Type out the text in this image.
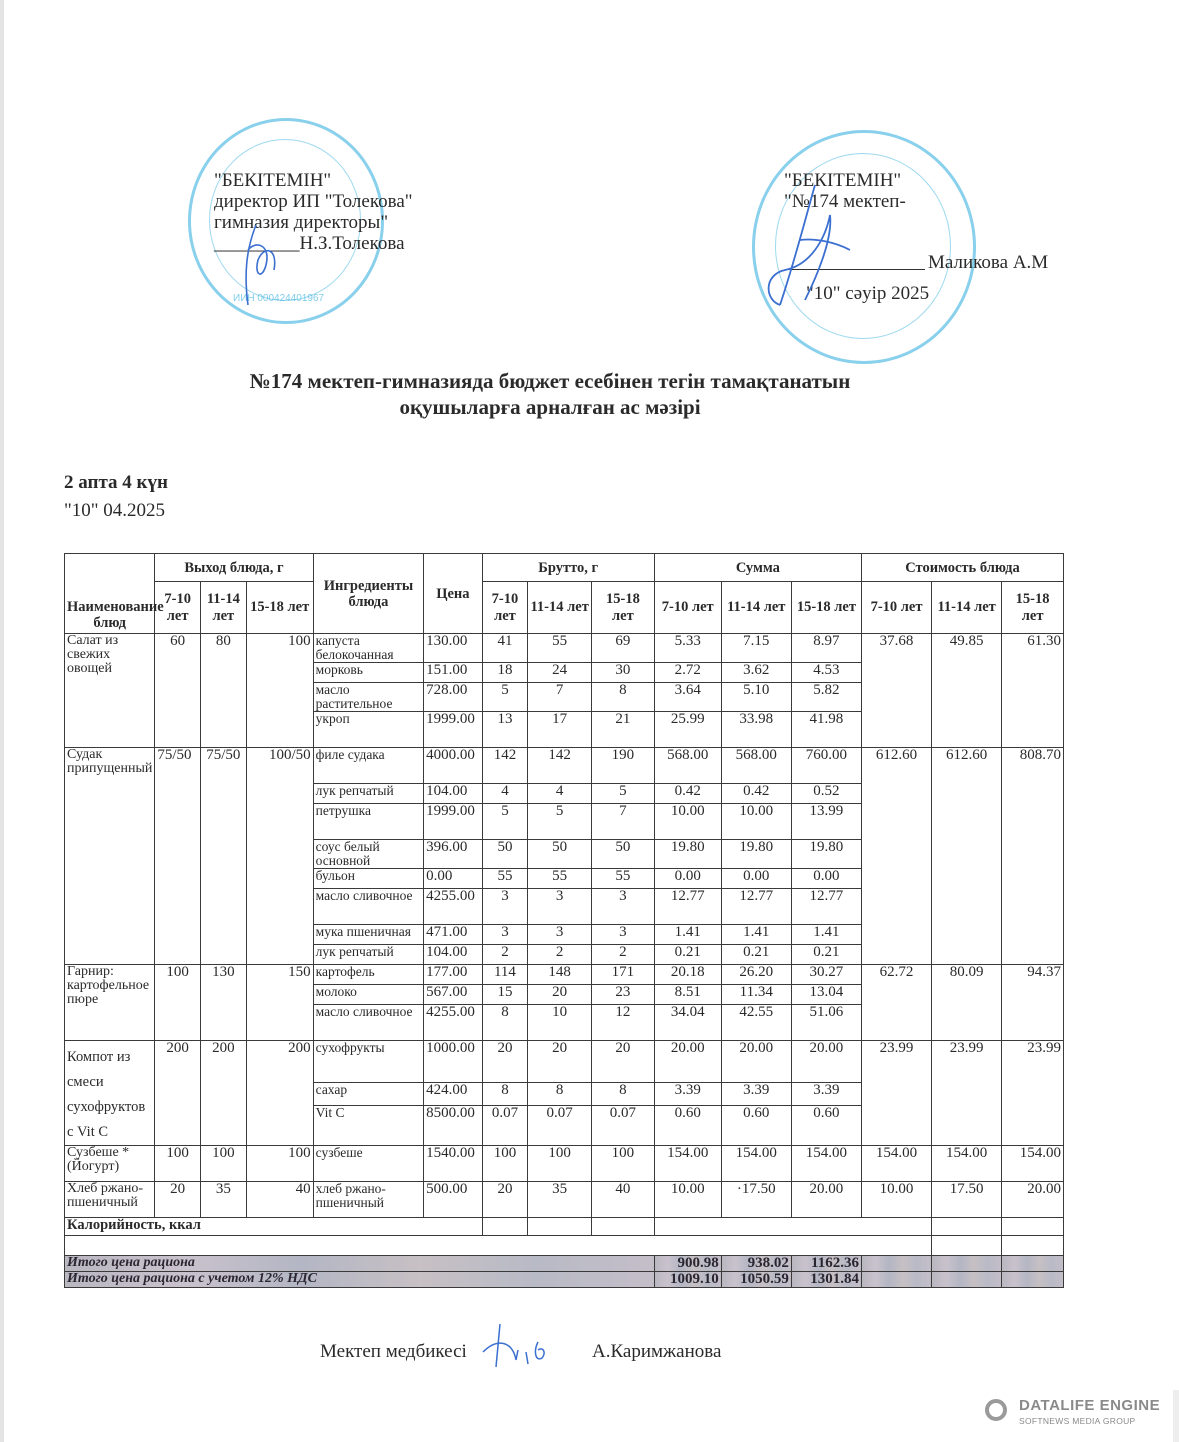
ИИН 000424401967
"БЕКІТЕМІН"
директор ИП "Толекова"
гимназия директоры"
_________Н.З.Толекова
"БЕКІТЕМІН"
"№174 мектеп-
Маликова А.М
"10" сәуір 2025
№174 мектеп-гимназияда бюджет есебінен тегін тамақтанатын
оқушыларға арналған ас мәзірі
2 апта 4 күн
"10" 04.2025
Наименование блюд	Выход блюда, г			Ингредиенты блюда	Цена	Брутто, г			Сумма			Стоимость блюда		
	7-10 лет	11-14 лет	15-18 лет			7-10 лет	11-14 лет	15-18 лет	7-10 лет	11-14 лет	15-18 лет	7-10 лет	11-14 лет	15-18 лет
Салат из свежих овощей	60	80	100	капуста белокочанная	130.00	41	55	69	5.33	7.15	8.97	37.68	49.85	61.30
				морковь	151.00	18	24	30	2.72	3.62	4.53			
				масло растительное	728.00	5	7	8	3.64	5.10	5.82			
				укроп	1999.00	13	17	21	25.99	33.98	41.98			
Судак припущенный	75/50	75/50	100/50	филе судака	4000.00	142	142	190	568.00	568.00	760.00	612.60	612.60	808.70
				лук репчатый	104.00	4	4	5	0.42	0.42	0.52			
				петрушка	1999.00	5	5	7	10.00	10.00	13.99			
				соус белый основной	396.00	50	50	50	19.80	19.80	19.80			
				бульон	0.00	55	55	55	0.00	0.00	0.00			
				масло сливочное	4255.00	3	3	3	12.77	12.77	12.77			
				мука пшеничная	471.00	3	3	3	1.41	1.41	1.41			
				лук репчатый	104.00	2	2	2	0.21	0.21	0.21			
Гарнир: картофельное пюре	100	130	150	картофель	177.00	114	148	171	20.18	26.20	30.27	62.72	80.09	94.37
				молоко	567.00	15	20	23	8.51	11.34	13.04			
				масло сливочное	4255.00	8	10	12	34.04	42.55	51.06			
Компот из смеси сухофруктов с Vit C	200	200	200	сухофрукты	1000.00	20	20	20	20.00	20.00	20.00	23.99	23.99	23.99
				сахар	424.00	8	8	8	3.39	3.39	3.39			
				Vit C	8500.00	0.07	0.07	0.07	0.60	0.60	0.60			
Сузбеше *(Йогурт)	100	100	100	сузбеше	1540.00	100	100	100	154.00	154.00	154.00	154.00	154.00	154.00
Хлеб ржано-пшеничный	20	35	40	хлеб ржано-пшеничный	500.00	20	35	40	10.00	·17.50	20.00	10.00	17.50	20.00
Калорийность, ккал														

Итого цена рациона									900.98	938.02	1162.36			
Итого цена рациона с учетом 12% НДС									1009.10	1050.59	1301.84			
Мектеп медбикесі	А.Каримжанова
DATALIFE ENGINE
SOFTNEWS MEDIA GROUP
